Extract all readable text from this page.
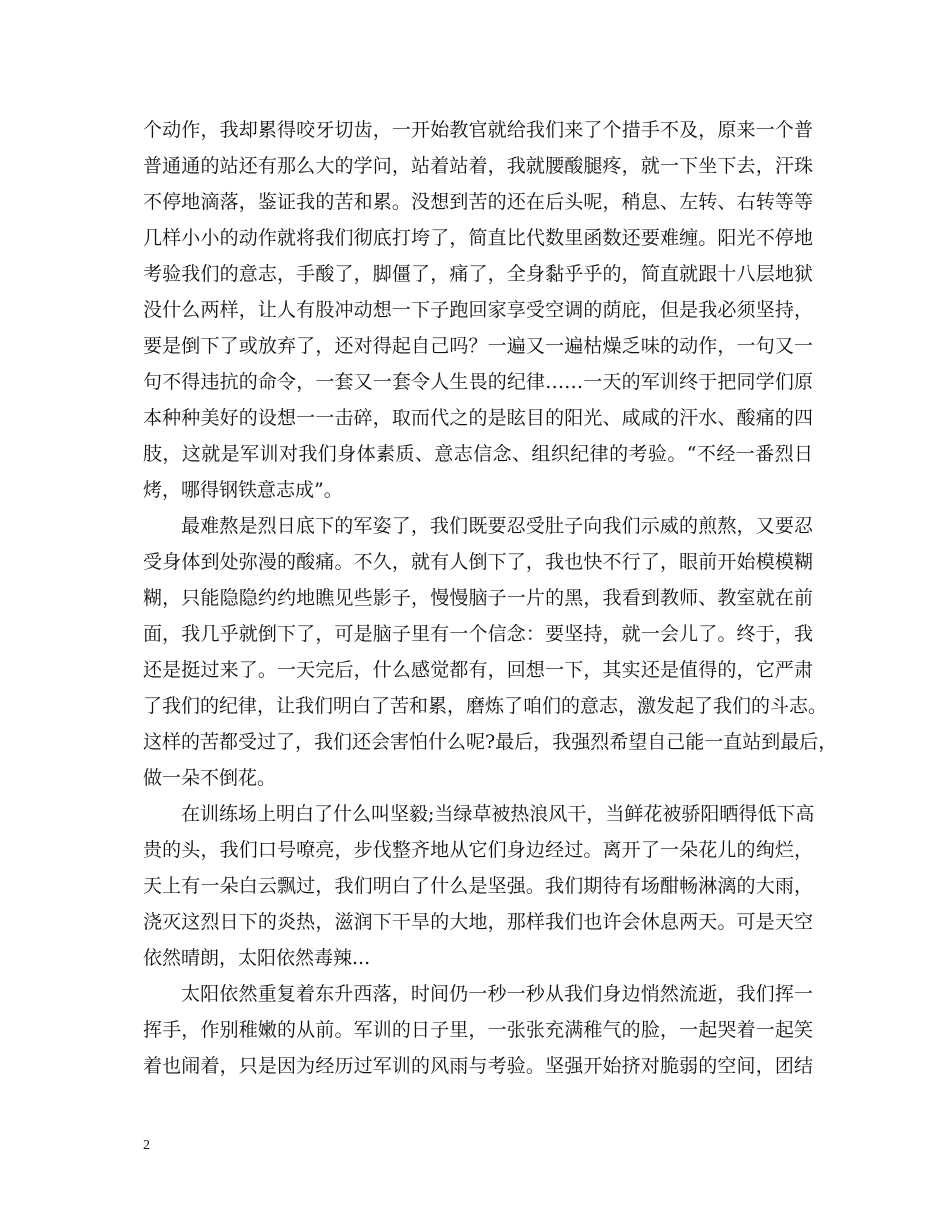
个动作，我却累得咬牙切齿，一开始教官就给我们来了个措手不及，原来一个普
普通通的站还有那么大的学问，站着站着，我就腰酸腿疼，就一下坐下去，汗珠
不停地滴落，鉴证我的苦和累。没想到苦的还在后头呢，稍息、左转、右转等等
几样小小的动作就将我们彻底打垮了，简直比代数里函数还要难缠。阳光不停地
考验我们的意志，手酸了，脚僵了，痛了，全身黏乎乎的，简直就跟十八层地狱
没什么两样，让人有股冲动想一下子跑回家享受空调的荫庇，但是我必须坚持，
要是倒下了或放弃了，还对得起自己吗？一遍又一遍枯燥乏味的动作，一句又一
句不得违抗的命令，一套又一套令人生畏的纪律……一天的军训终于把同学们原
本种种美好的设想一一击碎，取而代之的是眩目的阳光、咸咸的汗水、酸痛的四
肢，这就是军训对我们身体素质、意志信念、组织纪律的考验。“不经一番烈日
烤，哪得钢铁意志成”。
最难熬是烈日底下的军姿了，我们既要忍受肚子向我们示威的煎熬，又要忍
受身体到处弥漫的酸痛。不久，就有人倒下了，我也快不行了，眼前开始模模糊
糊，只能隐隐约约地瞧见些影子，慢慢脑子一片的黑，我看到教师、教室就在前
面，我几乎就倒下了，可是脑子里有一个信念：要坚持，就一会儿了。终于，我
还是挺过来了。一天完后，什么感觉都有，回想一下，其实还是值得的，它严肃
了我们的纪律，让我们明白了苦和累，磨炼了咱们的意志，激发起了我们的斗志。
这样的苦都受过了，我们还会害怕什么呢?最后，我强烈希望自己能一直站到最后，
做一朵不倒花。
在训练场上明白了什么叫坚毅;当绿草被热浪风干，当鲜花被骄阳晒得低下高
贵的头，我们口号嘹亮，步伐整齐地从它们身边经过。离开了一朵花儿的绚烂，
天上有一朵白云飘过，我们明白了什么是坚强。我们期待有场酣畅淋漓的大雨，
浇灭这烈日下的炎热，滋润下干旱的大地，那样我们也许会休息两天。可是天空
依然晴朗，太阳依然毒辣...
太阳依然重复着东升西落，时间仍一秒一秒从我们身边悄然流逝，我们挥一
挥手，作别稚嫩的从前。军训的日子里，一张张充满稚气的脸，一起哭着一起笑
着也闹着，只是因为经历过军训的风雨与考验。坚强开始挤对脆弱的空间，团结
2
